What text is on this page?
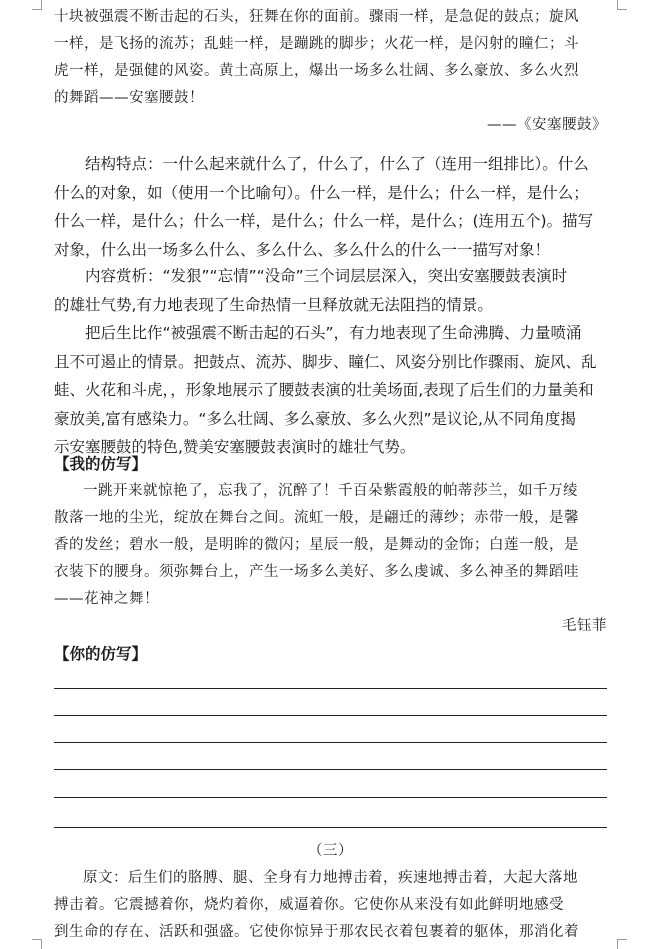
十块被强震不断击起的石头，狂舞在你的面前。骤雨一样，是急促的鼓点；旋风
一样，是飞扬的流苏；乱蛙一样，是蹦跳的脚步；火花一样，是闪射的瞳仁；斗
虎一样，是强健的风姿。黄土高原上，爆出一场多么壮阔、多么豪放、多么火烈
的舞蹈——安塞腰鼓！
——《安塞腰鼓》
结构特点：一什么起来就什么了，什么了，什么了（连用一组排比）。什么
什么的对象，如（使用一个比喻句）。什么一样，是什么；什么一样，是什么；
什么一样，是什么；什么一样，是什么；什么一样，是什么；(连用五个)。描写
对象，什么出一场多么什么、多么什么、多么什么的什么一一描写对象！
内容赏析：“发狠”“忘情”“没命”三个词层层深入，突出安塞腰鼓表演时
的雄壮气势,有力地表现了生命热情一旦释放就无法阻挡的情景。
把后生比作“被强震不断击起的石头”，有力地表现了生命沸腾、力量喷涌
且不可遏止的情景。把鼓点、流苏、脚步、瞳仁、风姿分别比作骤雨、旋风、乱
蛙、火花和斗虎，，形象地展示了腰鼓表演的壮美场面,表现了后生们的力量美和
豪放美,富有感染力。“多么壮阔、多么豪放、多么火烈”是议论,从不同角度揭
示安塞腰鼓的特色,赞美安塞腰鼓表演时的雄壮气势。
【我的仿写】
一跳开来就惊艳了，忘我了，沉醉了！千百朵紫霞般的帕蒂莎兰，如千万绫
散落一地的尘光，绽放在舞台之间。流虹一般，是翩迁的薄纱；赤带一般，是馨
香的发丝；碧水一般，是明眸的微闪；星辰一般，是舞动的金饰；白莲一般，是
衣装下的腰身。须弥舞台上，产生一场多么美好、多么虔诚、多么神圣的舞蹈哇
——花神之舞！
毛钰菲
【你的仿写】
（三）
原文：后生们的胳膊、腿、全身有力地搏击着，疾速地搏击着，大起大落地
搏击着。它震撼着你，烧灼着你，威逼着你。它使你从来没有如此鲜明地感受
到生命的存在、活跃和强盛。它使你惊异于那农民衣着包裹着的躯体，那消化着
